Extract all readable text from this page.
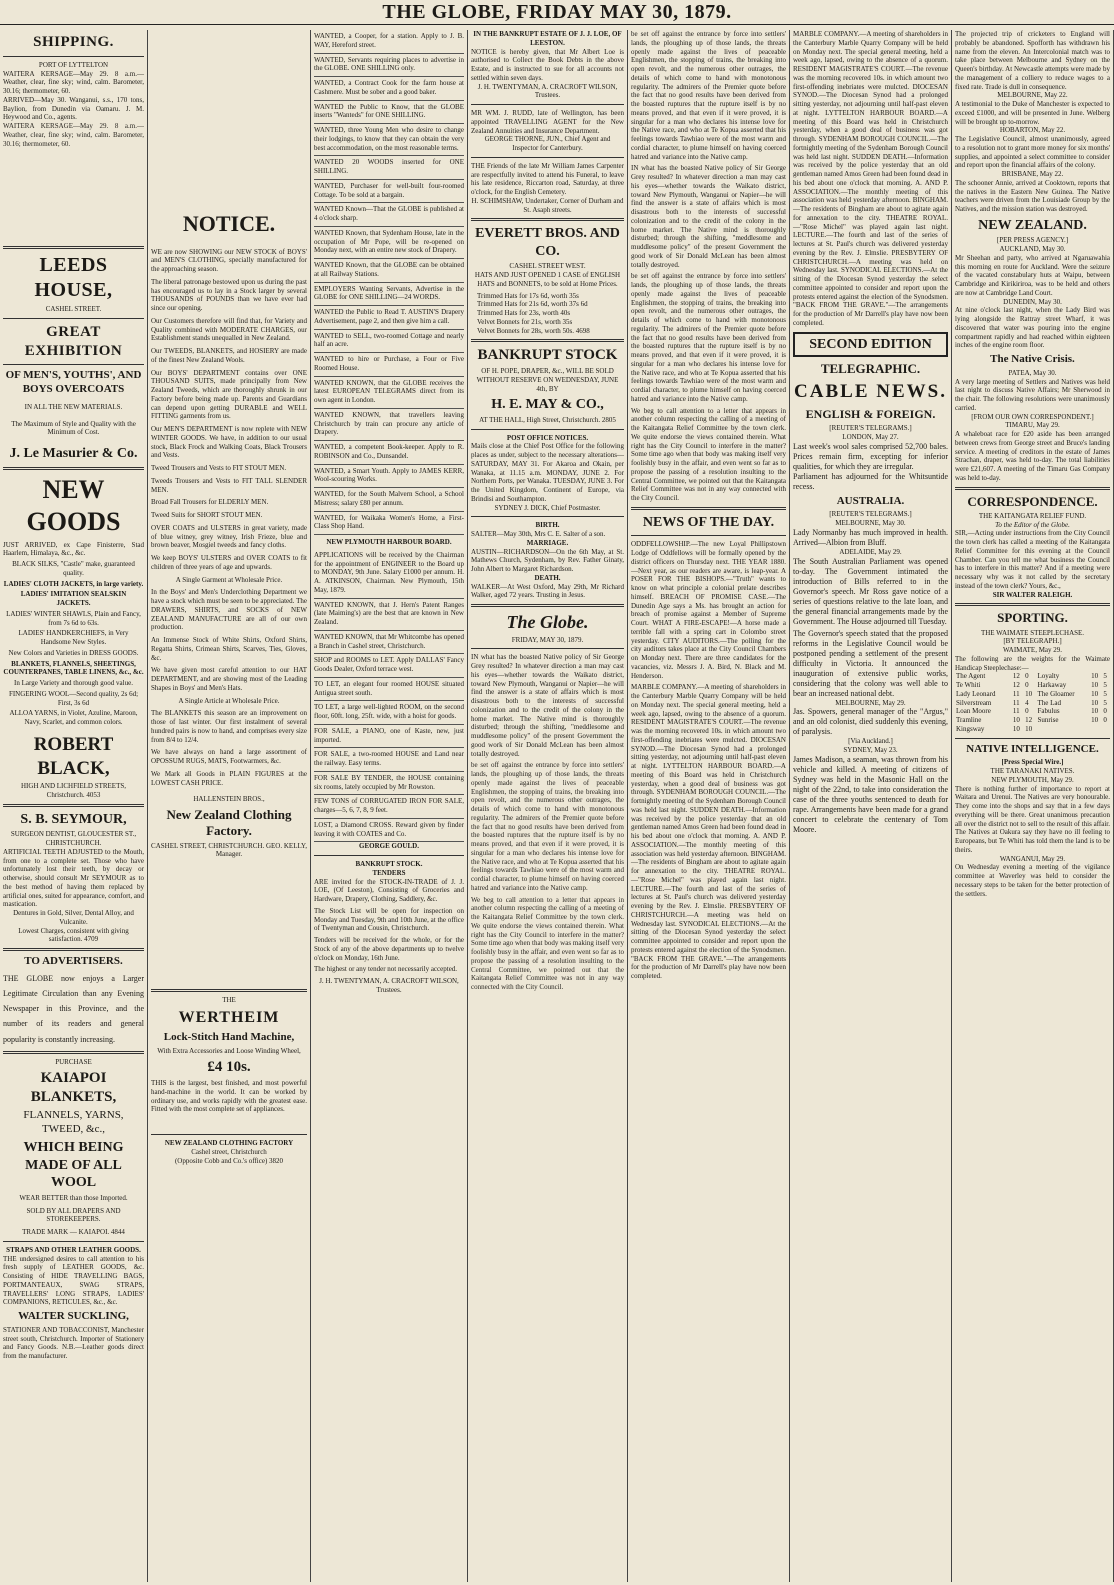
THE GLOBE, FRIDAY MAY 30, 1879.
SHIPPING.
PORT OF LYTTELTON
WAITERA KERSAGE—May 29. 8 a.m.—Weather, clear, fine sky; wind, calm. Barometer, 30.16; thermometer, 60.
ARRIVED—May 30. Wanganui, s.s., 170 tons, Baylion, from Dunedin via Oamaru. J. M. Heywood and Co., agents.
WAITERA KERSAGE—May 29. 8 a.m.—Weather, clear, fine sky; wind, calm. Barometer, 30.16; thermometer, 60.
LEEDS HOUSE,
CASHEL STREET.
GREAT EXHIBITION
OF MEN'S, YOUTHS', AND BOYS OVERCOATS
IN ALL THE NEW MATERIALS.
The Maximum of Style and Quality with the Minimum of Cost.
J. Le Masurier & Co.
NEW GOODS
JUST ARRIVED, ex Cape Finisterre, Stad Haarlem, Himalaya, &c., &c.
BLACK SILKS, "Castle" make, guaranteed quality.
LADIES' CLOTH JACKETS, in large variety.
LADIES' IMITATION SEALSKIN JACKETS.
LADIES' WINTER SHAWLS, Plain and Fancy, from 7s 6d to 63s.
LADIES' HANDKERCHIEFS, in Very Handsome New Styles.
New Colors and Varieties in DRESS GOODS.
BLANKETS, FLANNELS, SHEETINGS, COUNTERPANES, TABLE LINENS, &c., &c.
In Large Variety and thorough good value.
FINGERING WOOL—Second quality, 2s 6d; First, 3s 6d
ALLOA YARNS, in Violet, Azuline, Maroon, Navy, Scarlet, and common colors.
ROBERT BLACK,
HIGH AND LICHFIELD STREETS, Christchurch. 4053
S. B. SEYMOUR,
SURGEON DENTIST, GLOUCESTER ST., CHRISTCHURCH.
ARTIFICIAL TEETH ADJUSTED to the Mouth, from one to a complete set. Those who have unfortunately lost their teeth, by decay or otherwise, should consult Mr SEYMOUR as to the best method of having them replaced by artificial ones, suited for appearance, comfort, and mastication.
Dentures in Gold, Silver, Dental Alloy, and Vulcanite.
Lowest Charges, consistent with giving satisfaction. 4709
TO ADVERTISERS.
THE GLOBE now enjoys a Larger Legitimate Circulation than any Evening Newspaper in this Province, and the number of its readers and general popularity is constantly increasing.
PURCHASE
KAIAPOI BLANKETS,
FLANNELS, YARNS, TWEED, &c.,
WHICH BEING MADE OF ALL WOOL
WEAR BETTER than those Imported.
SOLD BY ALL DRAPERS AND STOREKEEPERS.
TRADE MARK — KAIAPOI. 4844
STRAPS AND OTHER LEATHER GOODS.
THE undersigned desires to call attention to his fresh supply of LEATHER GOODS, &c. Consisting of HIDE TRAVELLING BAGS, PORTMANTEAUX, SWAG STRAPS, TRAVELLERS' LONG STRAPS, LADIES' COMPANIONS, RETICULES, &c., &c.
WALTER SUCKLING,
STATIONER AND TOBACCONIST, Manchester street south, Christchurch. Importer of Stationery and Fancy Goods. N.B.—Leather goods direct from the manufacturer.
NOTICE.
WE are now SHOWING our NEW STOCK of BOYS' and MEN'S CLOTHING, specially manufactured for the approaching season.
The liberal patronage bestowed upon us during the past has encouraged us to lay in a Stock larger by several THOUSANDS of POUNDS than we have ever had since our opening.
Our Customers therefore will find that, for Variety and Quality combined with MODERATE CHARGES, our Establishment stands unequalled in New Zealand.
Our TWEEDS, BLANKETS, and HOSIERY are made of the finest New Zealand Wools.
Our BOYS' DEPARTMENT contains over ONE THOUSAND SUITS, made principally from New Zealand Tweeds, which are thoroughly shrunk in our Factory before being made up. Parents and Guardians can depend upon getting DURABLE and WELL FITTING garments from us.
Our MEN'S DEPARTMENT is now replete with NEW WINTER GOODS. We have, in addition to our usual stock, Black Frock and Walking Coats, Black Trousers and Vests.
Tweed Trousers and Vests to FIT STOUT MEN.
Tweeds Trousers and Vests to FIT TALL SLENDER MEN.
Broad Fall Trousers for ELDERLY MEN.
Tweed Suits for SHORT STOUT MEN.
OVER COATS and ULSTERS in great variety, made of blue witney, grey witney, Irish Frieze, blue and brown beaver, Mosgiel tweeds and fancy cloths.
We keep BOYS' ULSTERS and OVER COATS to fit children of three years of age and upwards.
A Single Garment at Wholesale Price.
In the Boys' and Men's Underclothing Department we have a stock which must be seen to be appreciated. The DRAWERS, SHIRTS, and SOCKS of NEW ZEALAND MANUFACTURE are all of our own production.
An Immense Stock of White Shirts, Oxford Shirts, Regatta Shirts, Crimean Shirts, Scarves, Ties, Gloves, &c.
We have given most careful attention to our HAT DEPARTMENT, and are showing most of the Leading Shapes in Boys' and Men's Hats.
A Single Article at Wholesale Price.
The BLANKETS this season are an improvement on those of last winter. Our first instalment of several hundred pairs is now to hand, and comprises every size from 8/4 to 12/4.
We have always on hand a large assortment of OPOSSUM RUGS, MATS, Footwarmers, &c.
We Mark all Goods in PLAIN FIGURES at the LOWEST CASH PRICE.
HALLENSTEIN BROS.,
New Zealand Clothing Factory.
CASHEL STREET, CHRISTCHURCH. GEO. KELLY, Manager.
THE
WERTHEIM
Lock-Stitch Hand Machine,
With Extra Accessories and Loose Winding Wheel,
£4 10s.
THIS is the largest, best finished, and most powerful hand-machine in the world. It can be worked by ordinary use, and works rapidly with the greatest ease. Fitted with the most complete set of appliances.
NEW ZEALAND CLOTHING FACTORY
Cashel street, Christchurch
(Opposite Cobb and Co.'s office) 3820
WANTED, a Cooper, for a station. Apply to J. B. WAY, Hereford street.
WANTED, Servants requiring places to advertise in the GLOBE. ONE SHILLING only.
WANTED, a Contract Cook for the farm house at Cashmere. Must be sober and a good baker.
WANTED the Public to Know, that the GLOBE inserts "Wanteds" for ONE SHILLING.
WANTED, three Young Men who desire to change their lodgings, to know that they can obtain the very best accommodation, on the most reasonable terms.
WANTED 20 WOODS inserted for ONE SHILLING.
WANTED, Purchaser for well-built four-roomed Cottage. To be sold at a bargain.
WANTED Known—That the GLOBE is published at 4 o'clock sharp.
WANTED Known, that Sydenham House, late in the occupation of Mr Pope, will be re-opened on Monday next, with an entire new stock of Drapery.
WANTED Known, that the GLOBE can be obtained at all Railway Stations.
EMPLOYERS Wanting Servants, Advertise in the GLOBE for ONE SHILLING—24 WORDS.
WANTED the Public to Read T. AUSTIN'S Drapery Advertisement, page 2, and then give him a call.
WANTED to SELL, two-roomed Cottage and nearly half an acre.
WANTED to hire or Purchase, a Four or Five Roomed House.
WANTED KNOWN, that the GLOBE receives the latest EUROPEAN TELEGRAMS direct from its own agent in London.
WANTED KNOWN, that travellers leaving Christchurch by train can procure any article of Drapery.
WANTED, a competent Book-keeper. Apply to R. ROBINSON and Co., Dunsandel.
WANTED, a Smart Youth. Apply to JAMES KERR, Wool-scouring Works.
WANTED, for the South Malvern School, a School Mistress; salary £80 per annum.
WANTED, for Waikaka Women's Home, a First-Class Shop Hand.
NEW PLYMOUTH HARBOUR BOARD.
APPLICATIONS will be received by the Chairman for the appointment of ENGINEER to the Board up to MONDAY, 9th June. Salary £1000 per annum. H. A. ATKINSON, Chairman. New Plymouth, 15th May, 1879.
WANTED KNOWN, that J. Hern's Patent Ranges (late Maiming's) are the best that are known in New Zealand.
WANTED KNOWN, that Mr Whitcombe has opened a Branch in Cashel street, Christchurch.
SHOP and ROOMS to LET. Apply DALLAS' Fancy Goods Dealer, Oxford terrace west.
TO LET, an elegant four roomed HOUSE situated Antigua street south.
TO LET, a large well-lighted ROOM, on the second floor, 60ft. long, 25ft. wide, with a hoist for goods.
FOR SALE, a PIANO, one of Kaste, new, just imported.
FOR SALE, a two-roomed HOUSE and Land near the railway. Easy terms.
FOR SALE BY TENDER, the HOUSE containing six rooms, lately occupied by Mr Rowston.
FEW TONS of CORRUGATED IRON FOR SALE, charges—5, 6, 7, 8, 9 feet.
LOST, a Diamond CROSS. Reward given by finder leaving it with COATES and Co.
GEORGE GOULD.
BANKRUPT STOCK.
TENDERS
ARE invited for the STOCK-IN-TRADE of J. J. LOE, (Of Leeston), Consisting of Groceries and Hardware, Drapery, Clothing, Saddlery, &c.
The Stock List will be open for inspection on Monday and Tuesday, 9th and 10th June, at the office of Twentyman and Cousin, Christchurch.
Tenders will be received for the whole, or for the Stock of any of the above departments up to twelve o'clock on Monday, 16th June.
The highest or any tender not necessarily accepted.
J. H. TWENTYMAN, A. CRACROFT WILSON, Trustees.
IN THE BANKRUPT ESTATE OF J. J. LOE, OF LEESTON.
NOTICE is hereby given, that Mr Albert Loe is authorised to Collect the Book Debts in the above Estate, and is instructed to sue for all accounts not settled within seven days.
J. H. TWENTYMAN, A. CRACROFT WILSON, Trustees.
MR WM. J. RUDD, late of Wellington, has been appointed TRAVELLING AGENT for the New Zealand Annuities and Insurance Department.
GEORGE THORNE, JUN., Chief Agent and Inspector for Canterbury.
THE Friends of the late Mr William James Carpenter are respectfully invited to attend his Funeral, to leave his late residence, Riccarton road, Saturday, at three o'clock, for the English Cemetery.
H. SCHIMSHAW, Undertaker, Corner of Durham and St. Asaph streets.
EVERETT BROS. AND CO.
CASHEL STREET WEST.
HATS AND JUST OPENED 1 CASE of ENGLISH HATS and BONNETS, to be sold at Home Prices.
Trimmed Hats for 17s 6d, worth 35s
Trimmed Hats for 21s 6d, worth 37s 6d
Trimmed Hats for 23s, worth 40s
Velvet Bonnets for 21s, worth 35s
Velvet Bonnets for 28s, worth 50s. 4698
BANKRUPT STOCK
OF H. POPE, DRAPER, &c., WILL BE SOLD WITHOUT RESERVE ON WEDNESDAY, JUNE 4th, BY
H. E. MAY & CO.,
AT THE HALL, High Street, Christchurch. 2805
POST OFFICE NOTICES.
Mails close at the Chief Post Office for the following places as under, subject to the necessary alterations— SATURDAY, MAY 31. For Akaroa and Okain, per Wanaka, at 11.15 a.m. MONDAY, JUNE 2. For Northern Ports, per Wanaka. TUESDAY, JUNE 3. For the United Kingdom, Continent of Europe, via Brindisi and Southampton.
SYDNEY J. DICK, Chief Postmaster.
BIRTH.
SALTER—May 30th, Mrs C. E. Salter of a son.
MARRIAGE.
AUSTIN—RICHARDSON—On the 6th May, at St. Mathews Church, Sydenham, by Rev. Father Ginaty, John Albert to Margaret Richardson.
DEATH.
WALKER—At West Oxford, May 29th, Mr Richard Walker, aged 72 years. Trusting in Jesus.
The Globe.
FRIDAY, MAY 30, 1879.
IN what has the boasted Native policy of Sir George Grey resulted? In whatever direction a man may cast his eyes—whether towards the Waikato district, toward New Plymouth, Wanganui or Napier—he will find the answer is a state of affairs which is most disastrous both to the interests of successful colonization and to the credit of the colony in the home market. The Native mind is thoroughly disturbed; through the shifting, "meddlesome and muddlesome policy" of the present Government the good work of Sir Donald McLean has been almost totally destroyed.
be set off against the entrance by force into settlers' lands, the ploughing up of those lands, the threats openly made against the lives of peaceable Englishmen, the stopping of trains, the breaking into open revolt, and the numerous other outrages, the details of which come to hand with monotonous regularity. The admirers of the Premier quote before the fact that no good results have been derived from the boasted ruptures that the rupture itself is by no means proved, and that even if it were proved, it is singular for a man who declares his intense love for the Native race, and who at Te Kopua asserted that his feelings towards Tawhiao were of the most warm and cordial character, to plume himself on having coerced hatred and variance into the Native camp.
We beg to call attention to a letter that appears in another column respecting the calling of a meeting of the Kaitangata Relief Committee by the town clerk. We quite endorse the views contained therein. What right has the City Council to interfere in the matter? Some time ago when that body was making itself very foolishly busy in the affair, and even went so far as to propose the passing of a resolution insulting to the Central Committee, we pointed out that the Kaitangata Relief Committee was not in any way connected with the City Council.
be set off against the entrance by force into settlers' lands, the ploughing up of those lands, the threats openly made against the lives of peaceable Englishmen, the stopping of trains, the breaking into open revolt, and the numerous other outrages, the details of which come to hand with monotonous regularity. The admirers of the Premier quote before the fact that no good results have been derived from the boasted ruptures that the rupture itself is by no means proved, and that even if it were proved, it is singular for a man who declares his intense love for the Native race, and who at Te Kopua asserted that his feelings towards Tawhiao were of the most warm and cordial character, to plume himself on having coerced hatred and variance into the Native camp.
IN what has the boasted Native policy of Sir George Grey resulted? In whatever direction a man may cast his eyes—whether towards the Waikato district, toward New Plymouth, Wanganui or Napier—he will find the answer is a state of affairs which is most disastrous both to the interests of successful colonization and to the credit of the colony in the home market. The Native mind is thoroughly disturbed; through the shifting, "meddlesome and muddlesome policy" of the present Government the good work of Sir Donald McLean has been almost totally destroyed.
be set off against the entrance by force into settlers' lands, the ploughing up of those lands, the threats openly made against the lives of peaceable Englishmen, the stopping of trains, the breaking into open revolt, and the numerous other outrages, the details of which come to hand with monotonous regularity. The admirers of the Premier quote before the fact that no good results have been derived from the boasted ruptures that the rupture itself is by no means proved, and that even if it were proved, it is singular for a man who declares his intense love for the Native race, and who at Te Kopua asserted that his feelings towards Tawhiao were of the most warm and cordial character, to plume himself on having coerced hatred and variance into the Native camp.
We beg to call attention to a letter that appears in another column respecting the calling of a meeting of the Kaitangata Relief Committee by the town clerk. We quite endorse the views contained therein. What right has the City Council to interfere in the matter? Some time ago when that body was making itself very foolishly busy in the affair, and even went so far as to propose the passing of a resolution insulting to the Central Committee, we pointed out that the Kaitangata Relief Committee was not in any way connected with the City Council.
NEWS OF THE DAY.
ODDFELLOWSHIP.—The new Loyal Phillipstown Lodge of Oddfellows will be formally opened by the district officers on Thursday next. THE YEAR 1880.—Next year, as our readers are aware, is leap-year. A POSER FOR THE BISHOPS.—"Truth" wants to know on what principle a colonial prelate describes himself. BREACH OF PROMISE CASE.—The Dunedin Age says a Ms. has brought an action for breach of promise against a Member of Supreme Court. WHAT A FIRE-ESCAPE!—A horse made a terrible fall with a spring cart in Colombo street yesterday. CITY AUDITORS.—The polling for the city auditors takes place at the City Council Chambers on Monday next. There are three candidates for the vacancies, viz. Messrs J. A. Bird, N. Black and M. Henderson.
MARBLE COMPANY.—A meeting of shareholders in the Canterbury Marble Quarry Company will be held on Monday next. The special general meeting, held a week ago, lapsed, owing to the absence of a quorum. RESIDENT MAGISTRATE'S COURT.—The revenue was the morning recovered 10s. in which amount two first-offending inebriates were mulcted. DIOCESAN SYNOD.—The Diocesan Synod had a prolonged sitting yesterday, not adjourning until half-past eleven at night. LYTTELTON HARBOUR BOARD.—A meeting of this Board was held in Christchurch yesterday, when a good deal of business was got through. SYDENHAM BOROUGH COUNCIL.—The fortnightly meeting of the Sydenham Borough Council was held last night. SUDDEN DEATH.—Information was received by the police yesterday that an old gentleman named Amos Green had been found dead in his bed about one o'clock that morning. A. AND P. ASSOCIATION.—The monthly meeting of this association was held yesterday afternoon. BINGHAM.—The residents of Bingham are about to agitate again for annexation to the city. THEATRE ROYAL.—"Rose Michel" was played again last night. LECTURE.—The fourth and last of the series of lectures at St. Paul's church was delivered yesterday evening by the Rev. J. Elmslie. PRESBYTERY OF CHRISTCHURCH.—A meeting was held on Wednesday last. SYNODICAL ELECTIONS.—At the sitting of the Diocesan Synod yesterday the select committee appointed to consider and report upon the protests entered against the election of the Synodsmen. "BACK FROM THE GRAVE."—The arrangements for the production of Mr Darrell's play have now been completed.
MARBLE COMPANY.—A meeting of shareholders in the Canterbury Marble Quarry Company will be held on Monday next. The special general meeting, held a week ago, lapsed, owing to the absence of a quorum. RESIDENT MAGISTRATE'S COURT.—The revenue was the morning recovered 10s. in which amount two first-offending inebriates were mulcted. DIOCESAN SYNOD.—The Diocesan Synod had a prolonged sitting yesterday, not adjourning until half-past eleven at night. LYTTELTON HARBOUR BOARD.—A meeting of this Board was held in Christchurch yesterday, when a good deal of business was got through. SYDENHAM BOROUGH COUNCIL.—The fortnightly meeting of the Sydenham Borough Council was held last night. SUDDEN DEATH.—Information was received by the police yesterday that an old gentleman named Amos Green had been found dead in his bed about one o'clock that morning. A. AND P. ASSOCIATION.—The monthly meeting of this association was held yesterday afternoon. BINGHAM.—The residents of Bingham are about to agitate again for annexation to the city. THEATRE ROYAL.—"Rose Michel" was played again last night. LECTURE.—The fourth and last of the series of lectures at St. Paul's church was delivered yesterday evening by the Rev. J. Elmslie. PRESBYTERY OF CHRISTCHURCH.—A meeting was held on Wednesday last. SYNODICAL ELECTIONS.—At the sitting of the Diocesan Synod yesterday the select committee appointed to consider and report upon the protests entered against the election of the Synodsmen. "BACK FROM THE GRAVE."—The arrangements for the production of Mr Darrell's play have now been completed.
SECOND EDITION
TELEGRAPHIC.
CABLE NEWS.
ENGLISH & FOREIGN.
[REUTER'S TELEGRAMS.]
LONDON, May 27.
Last week's wool sales comprised 52,700 bales. Prices remain firm, excepting for inferior qualities, for which they are irregular.
Parliament has adjourned for the Whitsuntide recess.
AUSTRALIA.
[REUTER'S TELEGRAMS.]
MELBOURNE, May 30.
Lady Normanby has much improved in health. Arrived—Albion from Bluff.
ADELAIDE, May 29.
The South Australian Parliament was opened to-day. The Government intimated the introduction of Bills referred to in the Governor's speech. Mr Ross gave notice of a series of questions relative to the late loan, and the general financial arrangements made by the Government. The House adjourned till Tuesday.
The Governor's speech stated that the proposed reforms in the Legislative Council would be postponed pending a settlement of the present difficulty in Victoria. It announced the inauguration of extensive public works, considering that the colony was well able to bear an increased national debt.
MELBOURNE, May 29.
Jas. Spowers, general manager of the "Argus," and an old colonist, died suddenly this evening, of paralysis.
[Via Auckland.]
SYDNEY, May 23.
James Madison, a seaman, was thrown from his vehicle and killed. A meeting of citizens of Sydney was held in the Masonic Hall on the night of the 22nd, to take into consideration the case of the three youths sentenced to death for rape. Arrangements have been made for a grand concert to celebrate the centenary of Tom Moore.
The projected trip of cricketers to England will probably be abandoned. Spofforth has withdrawn his name from the eleven. An Intercolonial match was to take place between Melbourne and Sydney on the Queen's birthday. At Newcastle attempts were made by the management of a colliery to reduce wages to a fixed rate. Trade is dull in consequence.
MELBOURNE, May 22.
A testimonial to the Duke of Manchester is expected to exceed £1000, and will be presented in June. Welberg will be brought up to-morrow.
HOBARTON, May 22.
The Legislative Council, almost unanimously, agreed to a resolution not to grant more money for six months' supplies, and appointed a select committee to consider and report upon the financial affairs of the colony.
BRISBANE, May 22.
The schooner Annie, arrived at Cooktown, reports that the natives in the Eastern New Guinea. The Native teachers were driven from the Louisiade Group by the Natives, and the mission station was destroyed.
NEW ZEALAND.
[PER PRESS AGENCY.]
AUCKLAND, May 30.
Mr Sheehan and party, who arrived at Ngaruawahia this morning en route for Auckland. Were the seizure of the vacated constabulary huts at Waipu, between Cambridge and Kirikiriroa, was to be held and others are now at Cambridge Land Court.
DUNEDIN, May 30.
At nine o'clock last night, when the Lady Bird was lying alongside the Rattray street Wharf, it was discovered that water was pouring into the engine compartment rapidly and had reached within eighteen inches of the engine room floor.
The Native Crisis.
PATEA, May 30.
A very large meeting of Settlers and Natives was held last night to discuss Native Affairs; Mr Sherwood in the chair. The following resolutions were unanimously carried.
[FROM OUR OWN CORRESPONDENT.]
TIMARU, May 29.
A whaleboat race for £20 aside has been arranged between crews from George street and Bruce's landing service. A meeting of creditors in the estate of James Strachan, draper, was held to-day. The total liabilities were £21,607. A meeting of the Timaru Gas Company was held to-day.
CORRESPONDENCE.
THE KAITANGATA RELIEF FUND.
To the Editor of the Globe.
SIR,—Acting under instructions from the City Council the town clerk has called a meeting of the Kaitangata Relief Committee for this evening at the Council Chamber. Can you tell me what business the Council has to interfere in this matter? And if a meeting were necessary why was it not called by the secretary instead of the town clerk? Yours, &c.,
SIR WALTER RALEIGH.
SPORTING.
THE WAIMATE STEEPLECHASE.
[BY TELEGRAPH.]
WAIMATE, May 29.
The following are the weights for the Waimate Handicap Steeplechase:—
The Agent	12	0	Loyalty	10	5
Te Whiti	12	0	Harkaway	10	5
Lady Leonard	11	10	The Gloamer	10	5
Silverstream	11	4	The Lad	10	5
Loan Moore	11	0	Fabulus	10	0
Tramline	10	12	Sunrise	10	0
Kingsway	10	10			
NATIVE INTELLIGENCE.
[Press Special Wire.]
THE TARANAKI NATIVES.
NEW PLYMOUTH, May 29.
There is nothing further of importance to report at Waitara and Urenui. The Natives are very honourable. They come into the shops and say that in a few days everything will be there. Great unanimous precaution all over the district not to sell to the result of this affair. The Natives at Oakura say they have no ill feeling to Europeans, but Te Whiti has told them the land is to be theirs.
WANGANUI, May 29.
On Wednesday evening a meeting of the vigilance committee at Waverley was held to consider the necessary steps to be taken for the better protection of the settlers.
